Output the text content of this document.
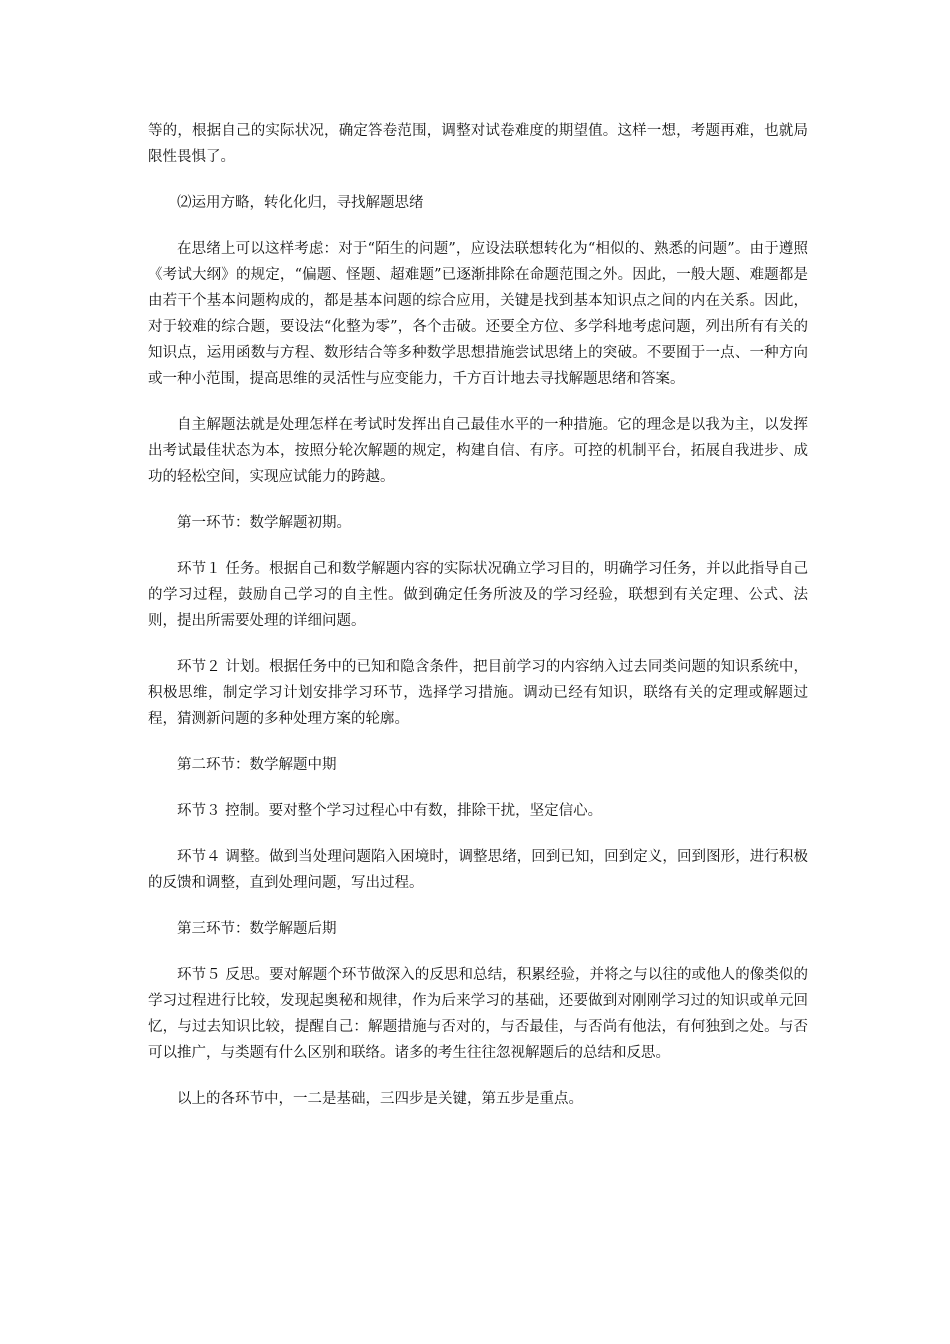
等的，根据自己的实际状况，确定答卷范围，调整对试卷难度的期望值。这样一想，考题再难，也就局限性畏惧了。

⑵运用方略，转化化归，寻找解题思绪

在思绪上可以这样考虑：对于“陌生的问题”，应设法联想转化为“相似的、熟悉的问题”。由于遵照《考试大纲》的规定，“偏题、怪题、超难题”已逐渐排除在命题范围之外。因此，一般大题、难题都是由若干个基本问题构成的，都是基本问题的综合应用，关键是找到基本知识点之间的内在关系。因此，对于较难的综合题，要设法“化整为零”，各个击破。还要全方位、多学科地考虑问题，列出所有有关的知识点，运用函数与方程、数形结合等多种数学思想措施尝试思绪上的突破。不要囿于一点、一种方向或一种小范围，提高思维的灵活性与应变能力，千方百计地去寻找解题思绪和答案。

自主解题法就是处理怎样在考试时发挥出自己最佳水平的一种措施。它的理念是以我为主，以发挥出考试最佳状态为本，按照分轮次解题的规定，构建自信、有序。可控的机制平台，拓展自我进步、成功的轻松空间，实现应试能力的跨越。

第一环节：数学解题初期。

环节１ 任务。根据自己和数学解题内容的实际状况确立学习目的，明确学习任务，并以此指导自己的学习过程，鼓励自己学习的自主性。做到确定任务所波及的学习经验，联想到有关定理、公式、法则，提出所需要处理的详细问题。

环节２ 计划。根据任务中的已知和隐含条件，把目前学习的内容纳入过去同类问题的知识系统中，积极思维，制定学习计划安排学习环节，选择学习措施。调动已经有知识，联络有关的定理或解题过程，猜测新问题的多种处理方案的轮廓。

第二环节：数学解题中期

环节３ 控制。要对整个学习过程心中有数，排除干扰，坚定信心。

环节４ 调整。做到当处理问题陷入困境时，调整思绪，回到已知，回到定义，回到图形，进行积极的反馈和调整，直到处理问题，写出过程。

第三环节：数学解题后期

环节５ 反思。要对解题个环节做深入的反思和总结，积累经验，并将之与以往的或他人的像类似的学习过程进行比较，发现起奥秘和规律，作为后来学习的基础，还要做到对刚刚学习过的知识或单元回忆，与过去知识比较，提醒自己：解题措施与否对的，与否最佳，与否尚有他法，有何独到之处。与否可以推广，与类题有什么区别和联络。诸多的考生往往忽视解题后的总结和反思。

以上的各环节中，一二是基础，三四步是关键，第五步是重点。
